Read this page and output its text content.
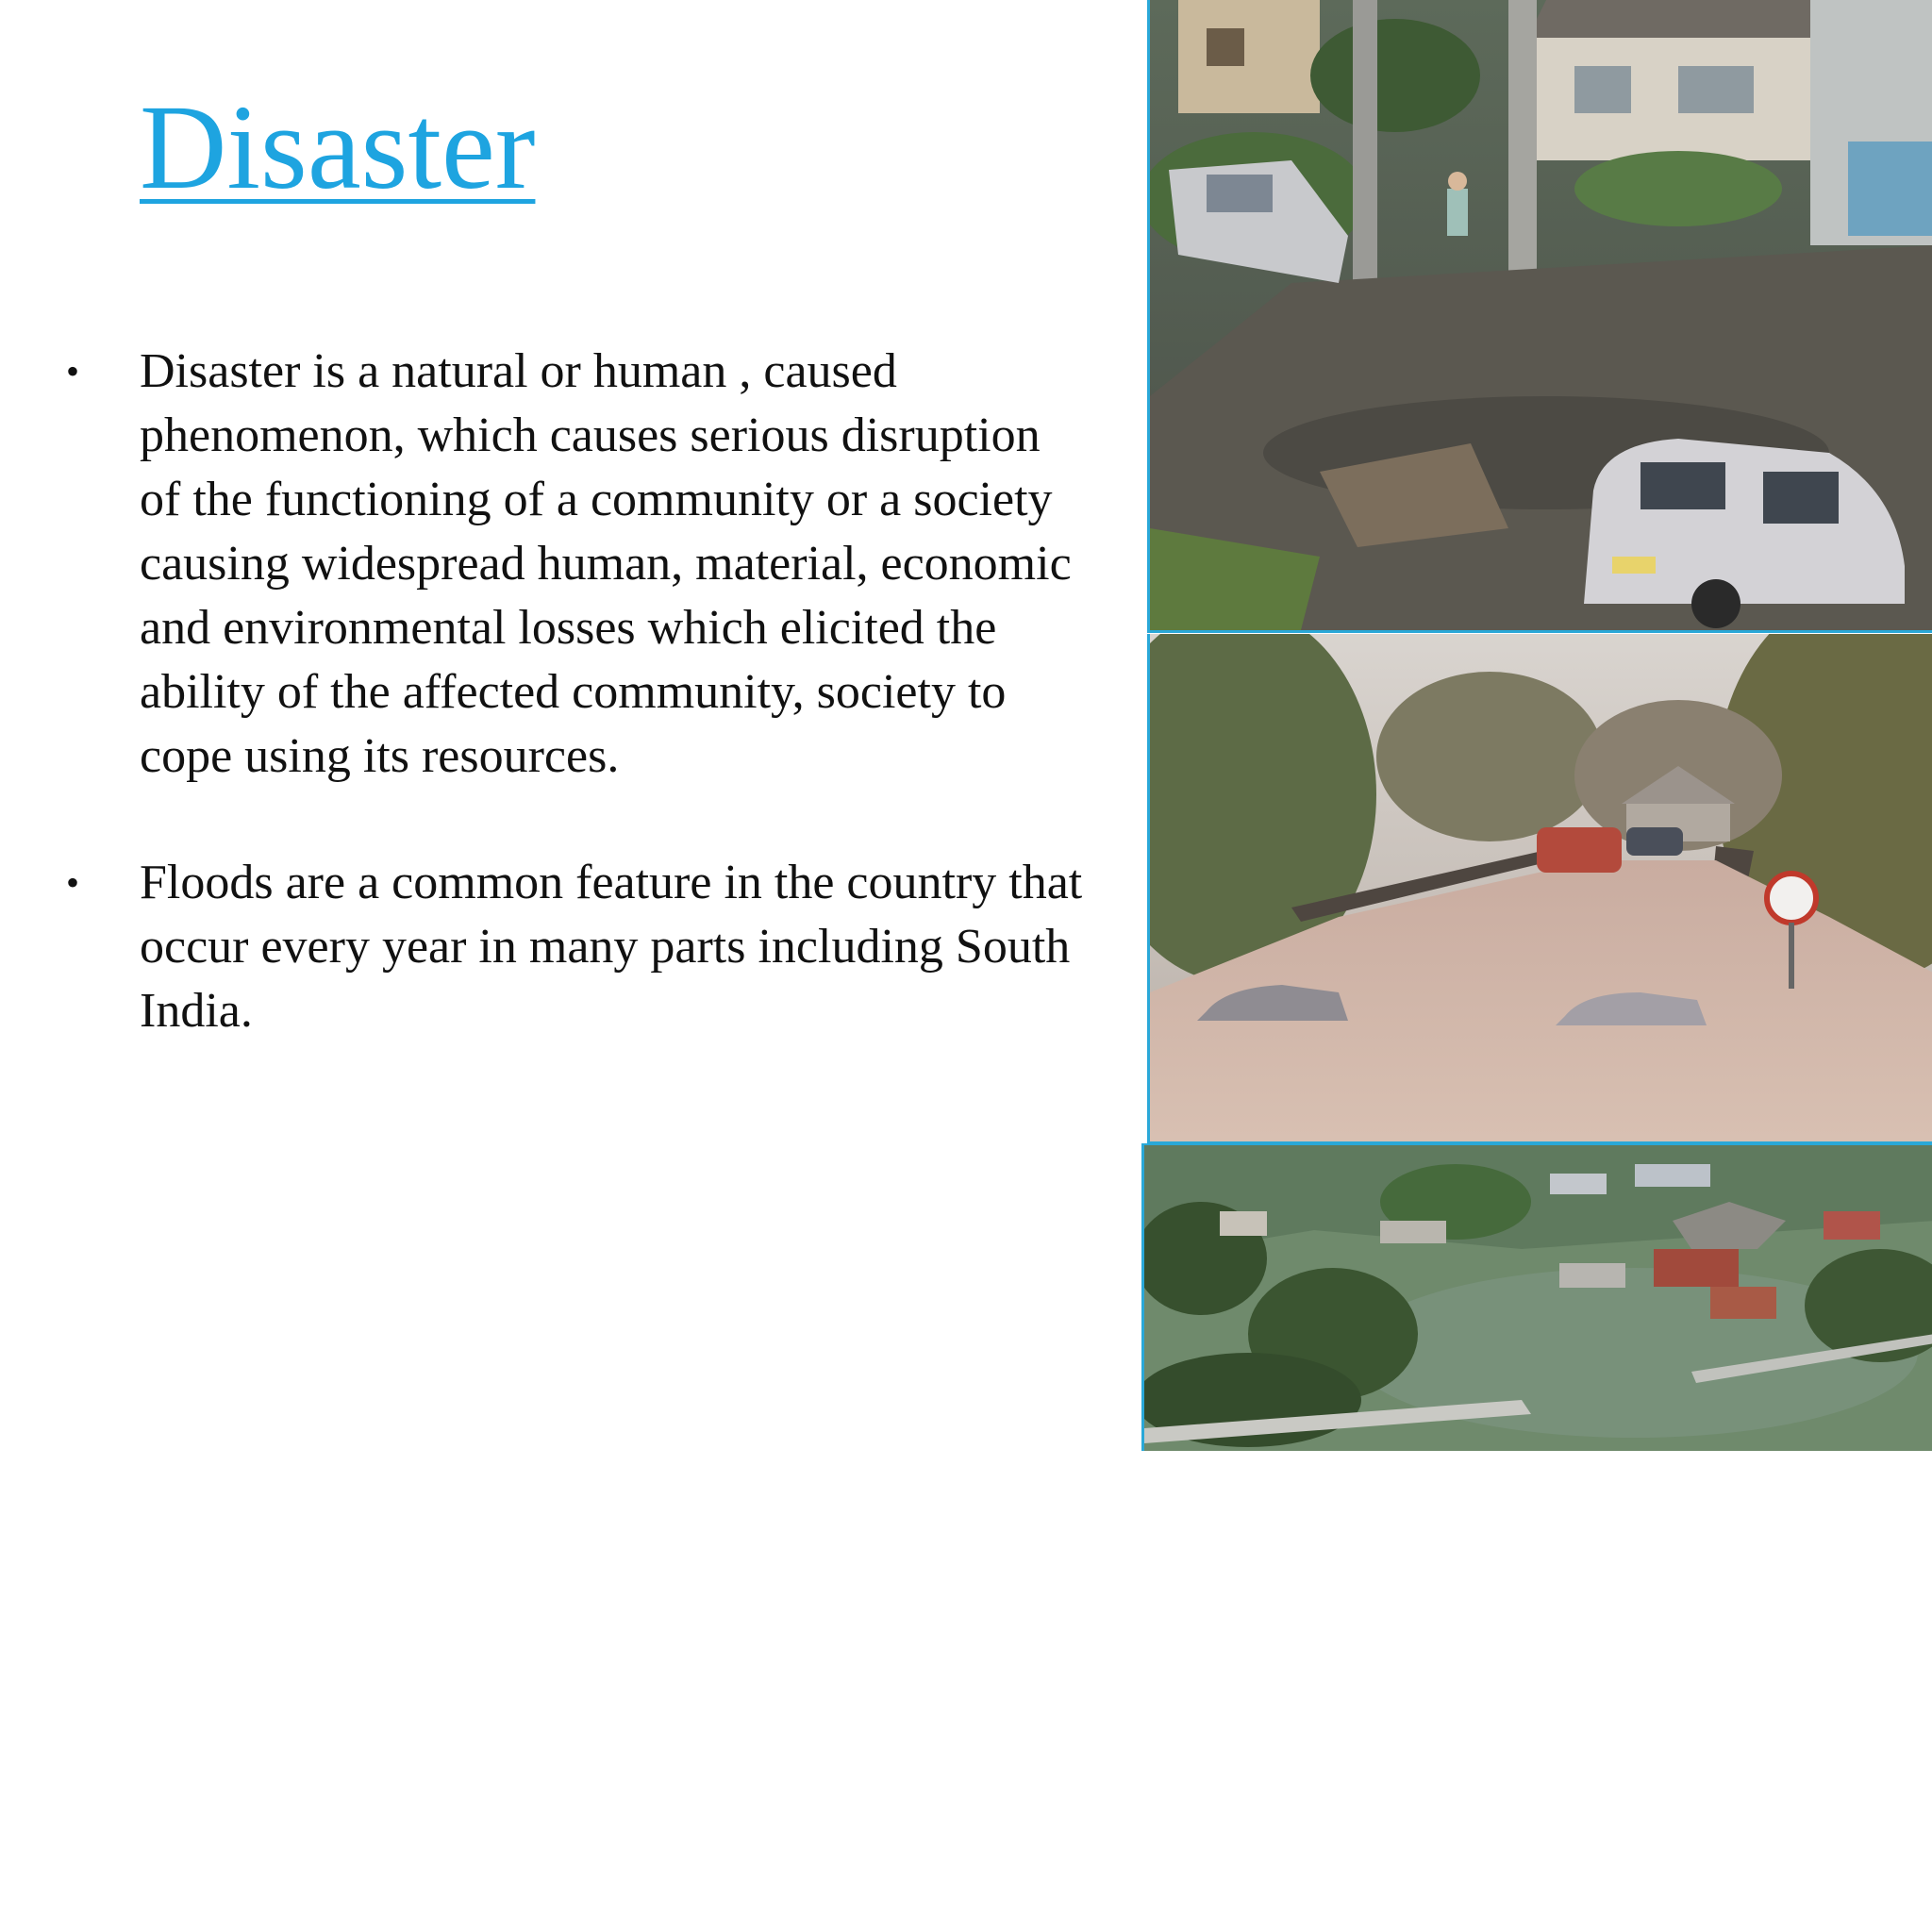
Disaster
•	Disaster is a natural or human , caused phenomenon, which causes serious disruption of the functioning of a community or a society causing widespread human, material, economic and environmental losses which elicited the ability of the affected community, society to cope using its resources.
•	Floods are a common feature in the country that occur every year in many parts including South India.
